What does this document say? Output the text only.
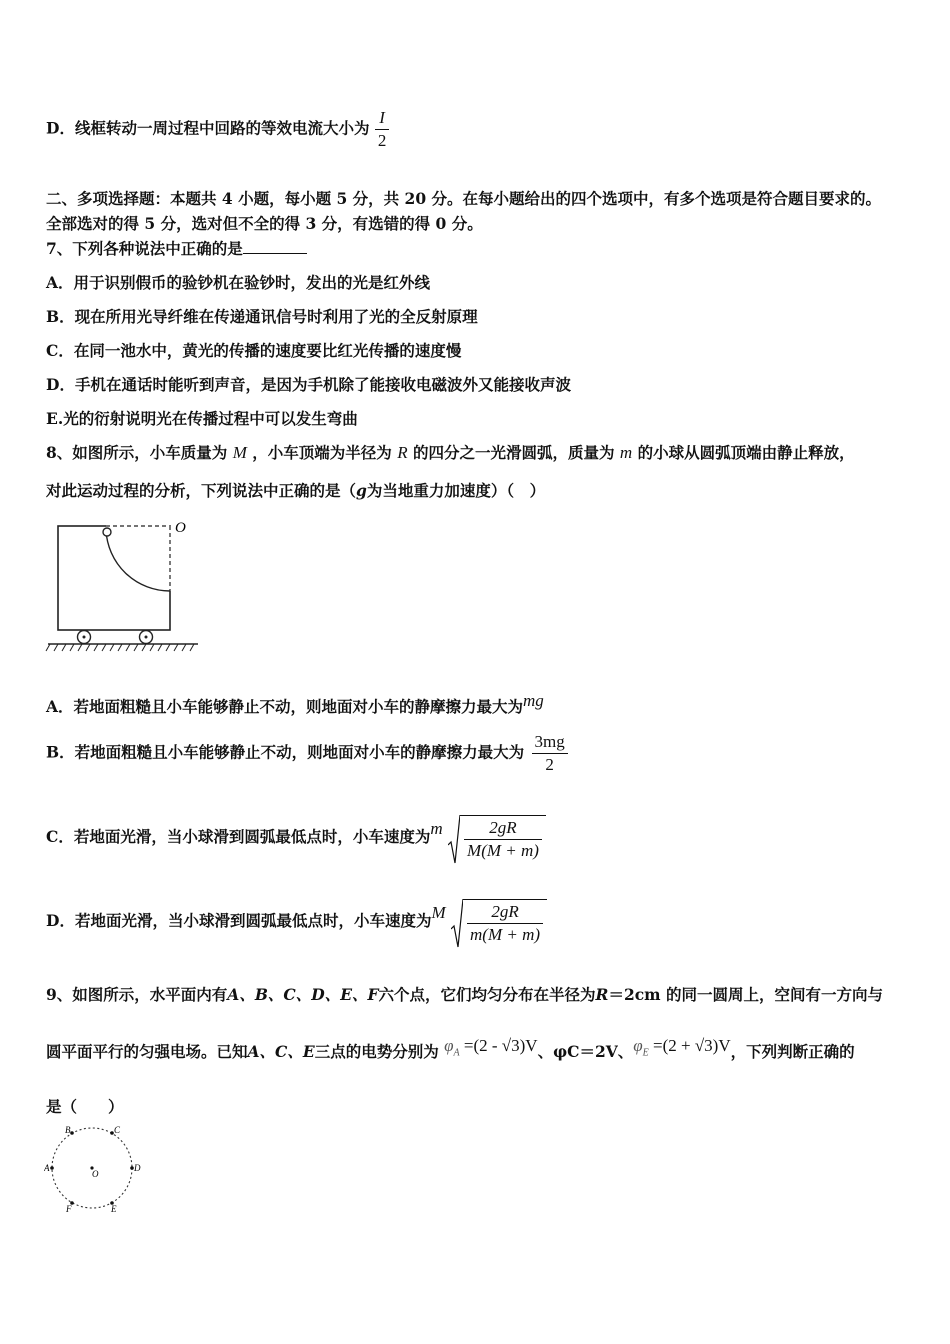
D．线框转动一周过程中回路的等效电流大小为 $\frac{I}{2}$
二、多项选择题：本题共 4 小题，每小题 5 分，共 20 分。在每小题给出的四个选项中，有多个选项是符合题目要求的。
全部选对的得 5 分，选对但不全的得 3 分，有选错的得 0 分。
7、下列各种说法中正确的是
A．用于识别假币的验钞机在验钞时，发出的光是红外线
B．现在所用光导纤维在传递通讯信号时利用了光的全反射原理
C．在同一池水中，黄光的传播的速度要比红光传播的速度慢
D．手机在通话时能听到声音，是因为手机除了能接收电磁波外又能接收声波
E.光的衍射说明光在传播过程中可以发生弯曲
8、如图所示，小车质量为 M ，小车顶端为半径为 R 的四分之一光滑圆弧，质量为 m 的小球从圆弧顶端由静止释放，
对此运动过程的分析，下列说法中正确的是（g为当地重力加速度）（　）
O
A．若地面粗糙且小车能够静止不动，则地面对小车的静摩擦力最大为mg
B．若地面粗糙且小车能够静止不动，则地面对小车的静摩擦力最大为 $\frac{3mg}{2}$
C．若地面光滑，当小球滑到圆弧最低点时，小车速度为m $\frac{2gR}{M(M + m)}$
D．若地面光滑，当小球滑到圆弧最低点时，小车速度为M $\frac{2gR}{m(M + m)}$
9、如图所示，水平面内有A、B、C、D、E、F六个点，它们均匀分布在半径为R＝2cm 的同一圆周上，空间有一方向与
圆平面平行的匀强电场。已知A、C、E三点的电势分别为 $\varphi_A =(2 - √3)V$、φC＝2V、$\varphi_E =(2 + √3)V$，下列判断正确的
是（　　）
B	C
A
O
D
F	E
